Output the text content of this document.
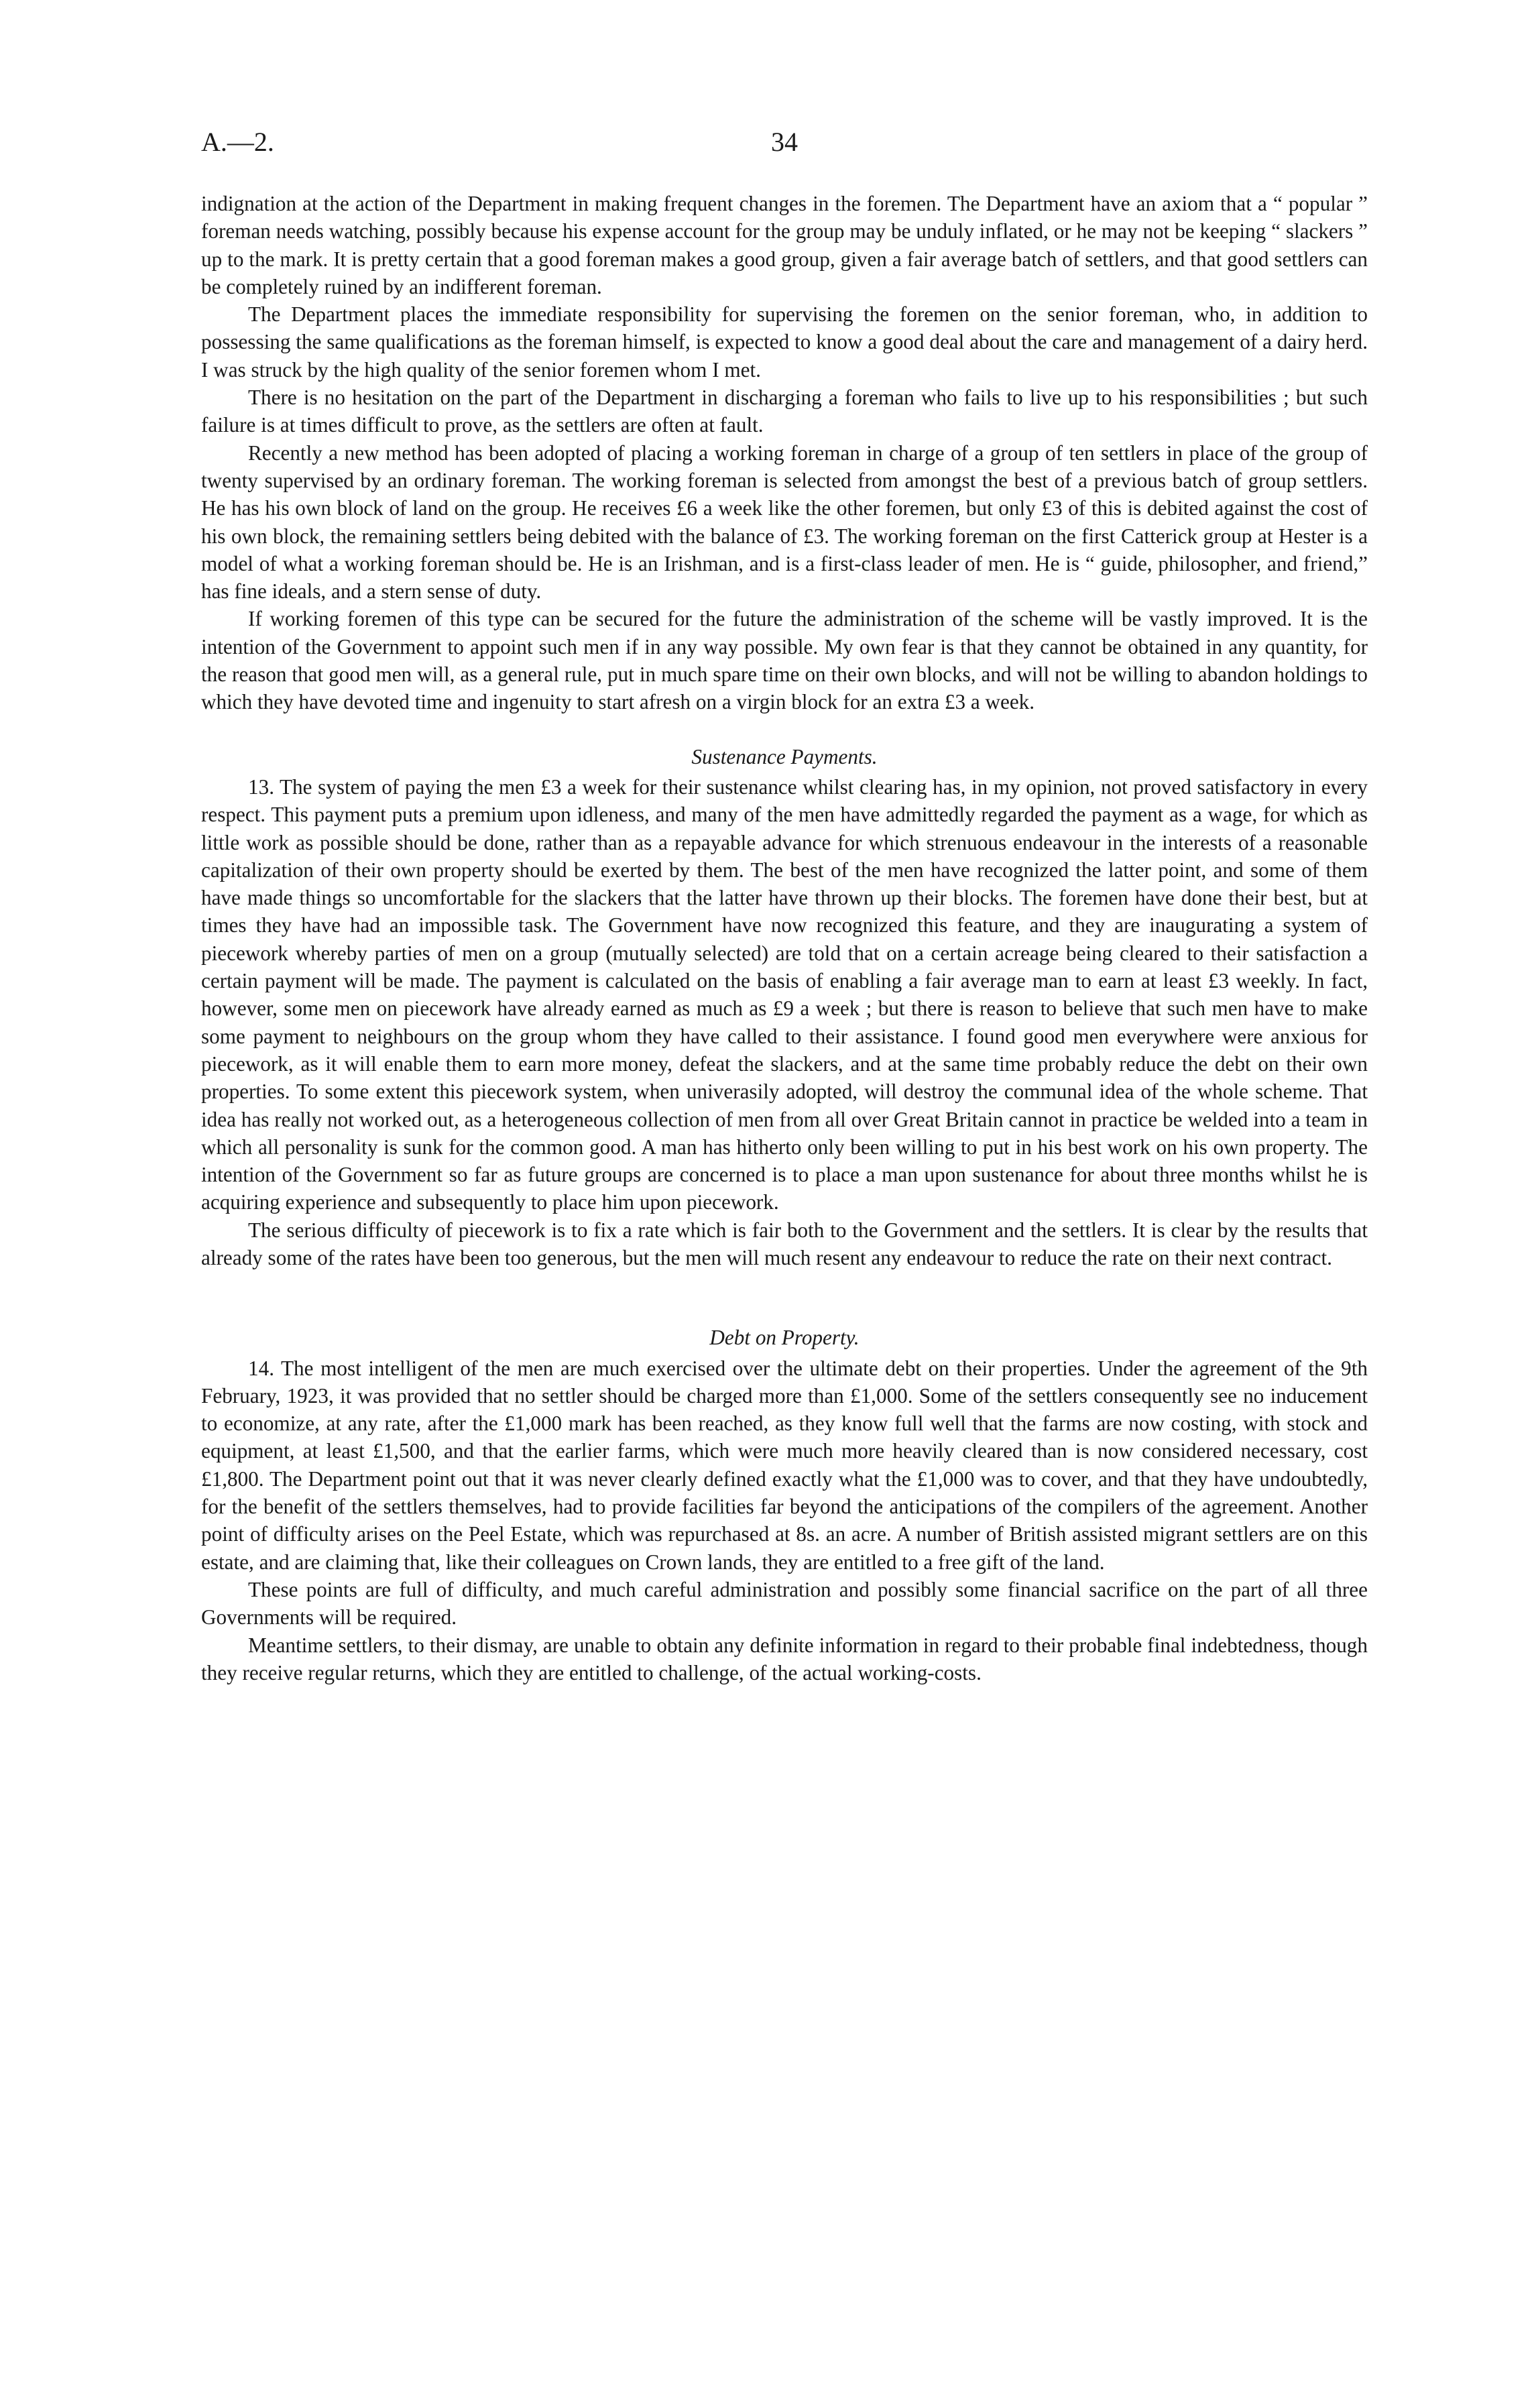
A.—2.	34

indignation at the action of the Department in making frequent changes in the foremen. The Department have an axiom that a “ popular ” foreman needs watching, possibly because his expense account for the group may be unduly inflated, or he may not be keeping “ slackers ” up to the mark. It is pretty certain that a good foreman makes a good group, given a fair average batch of settlers, and that good settlers can be completely ruined by an indifferent foreman.

The Department places the immediate responsibility for supervising the foremen on the senior foreman, who, in addition to possessing the same qualifications as the foreman himself, is expected to know a good deal about the care and management of a dairy herd. I was struck by the high quality of the senior foremen whom I met.

There is no hesitation on the part of the Department in discharging a foreman who fails to live up to his responsibilities ; but such failure is at times difficult to prove, as the settlers are often at fault.

Recently a new method has been adopted of placing a working foreman in charge of a group of ten settlers in place of the group of twenty supervised by an ordinary foreman. The working foreman is selected from amongst the best of a previous batch of group settlers. He has his own block of land on the group. He receives £6 a week like the other foremen, but only £3 of this is debited against the cost of his own block, the remaining settlers being debited with the balance of £3. The working foreman on the first Catterick group at Hester is a model of what a working foreman should be. He is an Irishman, and is a first-class leader of men. He is “ guide, philosopher, and friend,” has fine ideals, and a stern sense of duty.

If working foremen of this type can be secured for the future the administration of the scheme will be vastly improved. It is the intention of the Government to appoint such men if in any way possible. My own fear is that they cannot be obtained in any quantity, for the reason that good men will, as a general rule, put in much spare time on their own blocks, and will not be willing to abandon holdings to which they have devoted time and ingenuity to start afresh on a virgin block for an extra £3 a week.

Sustenance Payments.

13. The system of paying the men £3 a week for their sustenance whilst clearing has, in my opinion, not proved satisfactory in every respect. This payment puts a premium upon idleness, and many of the men have admittedly regarded the payment as a wage, for which as little work as possible should be done, rather than as a repayable advance for which strenuous endeavour in the interests of a reasonable capitalization of their own property should be exerted by them. The best of the men have recognized the latter point, and some of them have made things so uncomfortable for the slackers that the latter have thrown up their blocks. The foremen have done their best, but at times they have had an impossible task. The Government have now recognized this feature, and they are inaugurating a system of piecework whereby parties of men on a group (mutually selected) are told that on a certain acreage being cleared to their satisfaction a certain payment will be made. The payment is calculated on the basis of enabling a fair average man to earn at least £3 weekly. In fact, however, some men on piecework have already earned as much as £9 a week ; but there is reason to believe that such men have to make some payment to neighbours on the group whom they have called to their assistance. I found good men everywhere were anxious for piecework, as it will enable them to earn more money, defeat the slackers, and at the same time probably reduce the debt on their own properties. To some extent this piecework system, when univerasily adopted, will destroy the communal idea of the whole scheme. That idea has really not worked out, as a heterogeneous collection of men from all over Great Britain cannot in practice be welded into a team in which all personality is sunk for the common good. A man has hitherto only been willing to put in his best work on his own property. The intention of the Government so far as future groups are concerned is to place a man upon sustenance for about three months whilst he is acquiring experience and subsequently to place him upon piecework.

The serious difficulty of piecework is to fix a rate which is fair both to the Government and the settlers. It is clear by the results that already some of the rates have been too generous, but the men will much resent any endeavour to reduce the rate on their next contract.

Debt on Property.

14. The most intelligent of the men are much exercised over the ultimate debt on their properties. Under the agreement of the 9th February, 1923, it was provided that no settler should be charged more than £1,000. Some of the settlers consequently see no inducement to economize, at any rate, after the £1,000 mark has been reached, as they know full well that the farms are now costing, with stock and equipment, at least £1,500, and that the earlier farms, which were much more heavily cleared than is now considered necessary, cost £1,800. The Department point out that it was never clearly defined exactly what the £1,000 was to cover, and that they have undoubtedly, for the benefit of the settlers themselves, had to provide facilities far beyond the anticipations of the compilers of the agreement. Another point of difficulty arises on the Peel Estate, which was repurchased at 8s. an acre. A number of British assisted migrant settlers are on this estate, and are claiming that, like their colleagues on Crown lands, they are entitled to a free gift of the land.

These points are full of difficulty, and much careful administration and possibly some financial sacrifice on the part of all three Governments will be required.

Meantime settlers, to their dismay, are unable to obtain any definite information in regard to their probable final indebtedness, though they receive regular returns, which they are entitled to challenge, of the actual working-costs.
